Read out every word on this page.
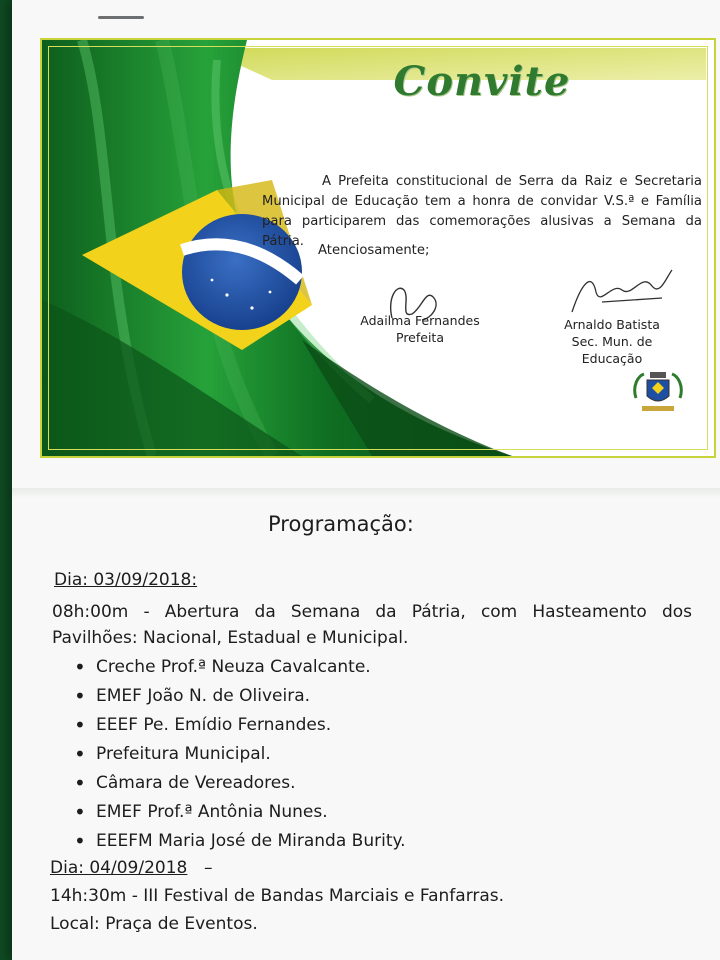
Convite

A Prefeita constitucional de Serra da Raiz e Secretaria Municipal de Educação tem a honra de convidar V.S.ª e Família para participarem das comemorações alusivas a Semana da Pátria.

Atenciosamente;
Adailma Fernandes
Prefeita
Arnaldo Batista
Sec. Mun. de Educação
Programação:
Dia: 03/09/2018:
08h:00m - Abertura da Semana da Pátria, com Hasteamento dos
Pavilhões: Nacional, Estadual e Municipal.
• Creche Prof.ª Neuza Cavalcante.
• EMEF João N. de Oliveira.
• EEEF Pe. Emídio Fernandes.
• Prefeitura Municipal.
• Câmara de Vereadores.
• EMEF Prof.ª Antônia Nunes.
• EEEFM Maria José de Miranda Burity.
Dia: 04/09/2018 –
14h:30m - III Festival de Bandas Marciais e Fanfarras.
Local: Praça de Eventos.
